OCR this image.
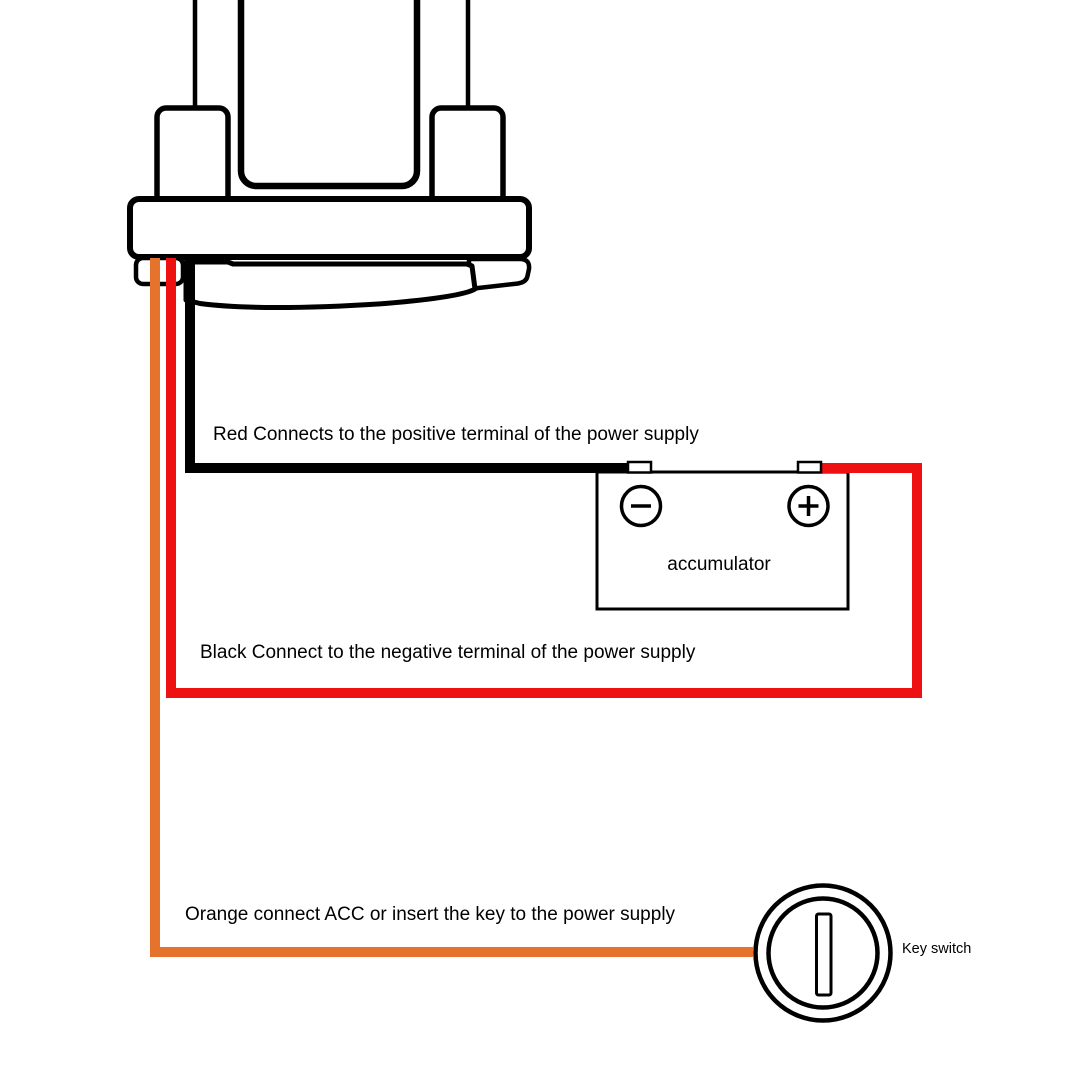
Red Connects to the positive terminal of the power supply
Black Connect to the negative terminal of the power supply
Orange connect ACC or insert the key to the power supply
accumulator
Key switch
